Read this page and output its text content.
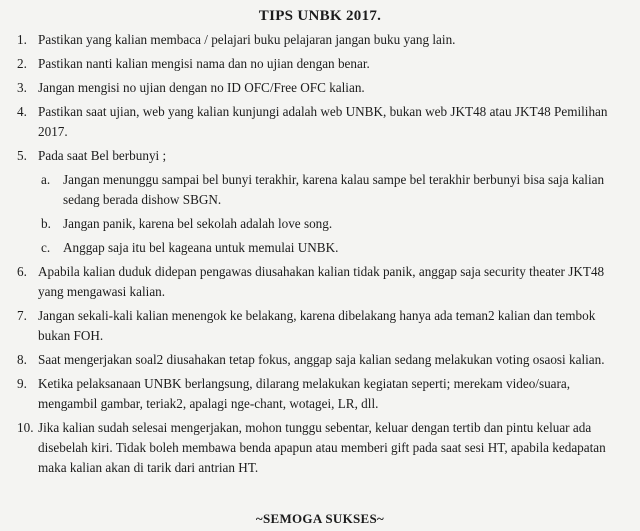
TIPS UNBK 2017.
1. Pastikan yang kalian membaca / pelajari buku pelajaran jangan buku yang lain.
2. Pastikan nanti kalian mengisi nama dan no ujian dengan benar.
3. Jangan mengisi no ujian dengan no ID OFC/Free OFC kalian.
4. Pastikan saat ujian, web yang kalian kunjungi adalah web UNBK, bukan web JKT48 atau JKT48 Pemilihan 2017.
5. Pada saat Bel berbunyi ;
a. Jangan menunggu sampai bel bunyi terakhir, karena kalau sampe bel terakhir berbunyi bisa saja kalian sedang berada dishow SBGN.
b. Jangan panik, karena bel sekolah adalah love song.
c. Anggap saja itu bel kageana untuk memulai UNBK.
6. Apabila kalian duduk didepan pengawas diusahakan kalian tidak panik, anggap saja security theater JKT48 yang mengawasi kalian.
7. Jangan sekali-kali kalian menengok ke belakang, karena dibelakang hanya ada teman2 kalian dan tembok bukan FOH.
8. Saat mengerjakan soal2 diusahakan tetap fokus, anggap saja kalian sedang melakukan voting osaosi kalian.
9. Ketika pelaksanaan UNBK berlangsung, dilarang melakukan kegiatan seperti; merekam video/suara, mengambil gambar, teriak2, apalagi nge-chant, wotagei, LR, dll.
10. Jika kalian sudah selesai mengerjakan, mohon tunggu sebentar, keluar dengan tertib dan pintu keluar ada disebelah kiri. Tidak boleh membawa benda apapun atau memberi gift pada saat sesi HT, apabila kedapatan maka kalian akan di tarik dari antrian HT.
~SEMOGA SUKSES~
